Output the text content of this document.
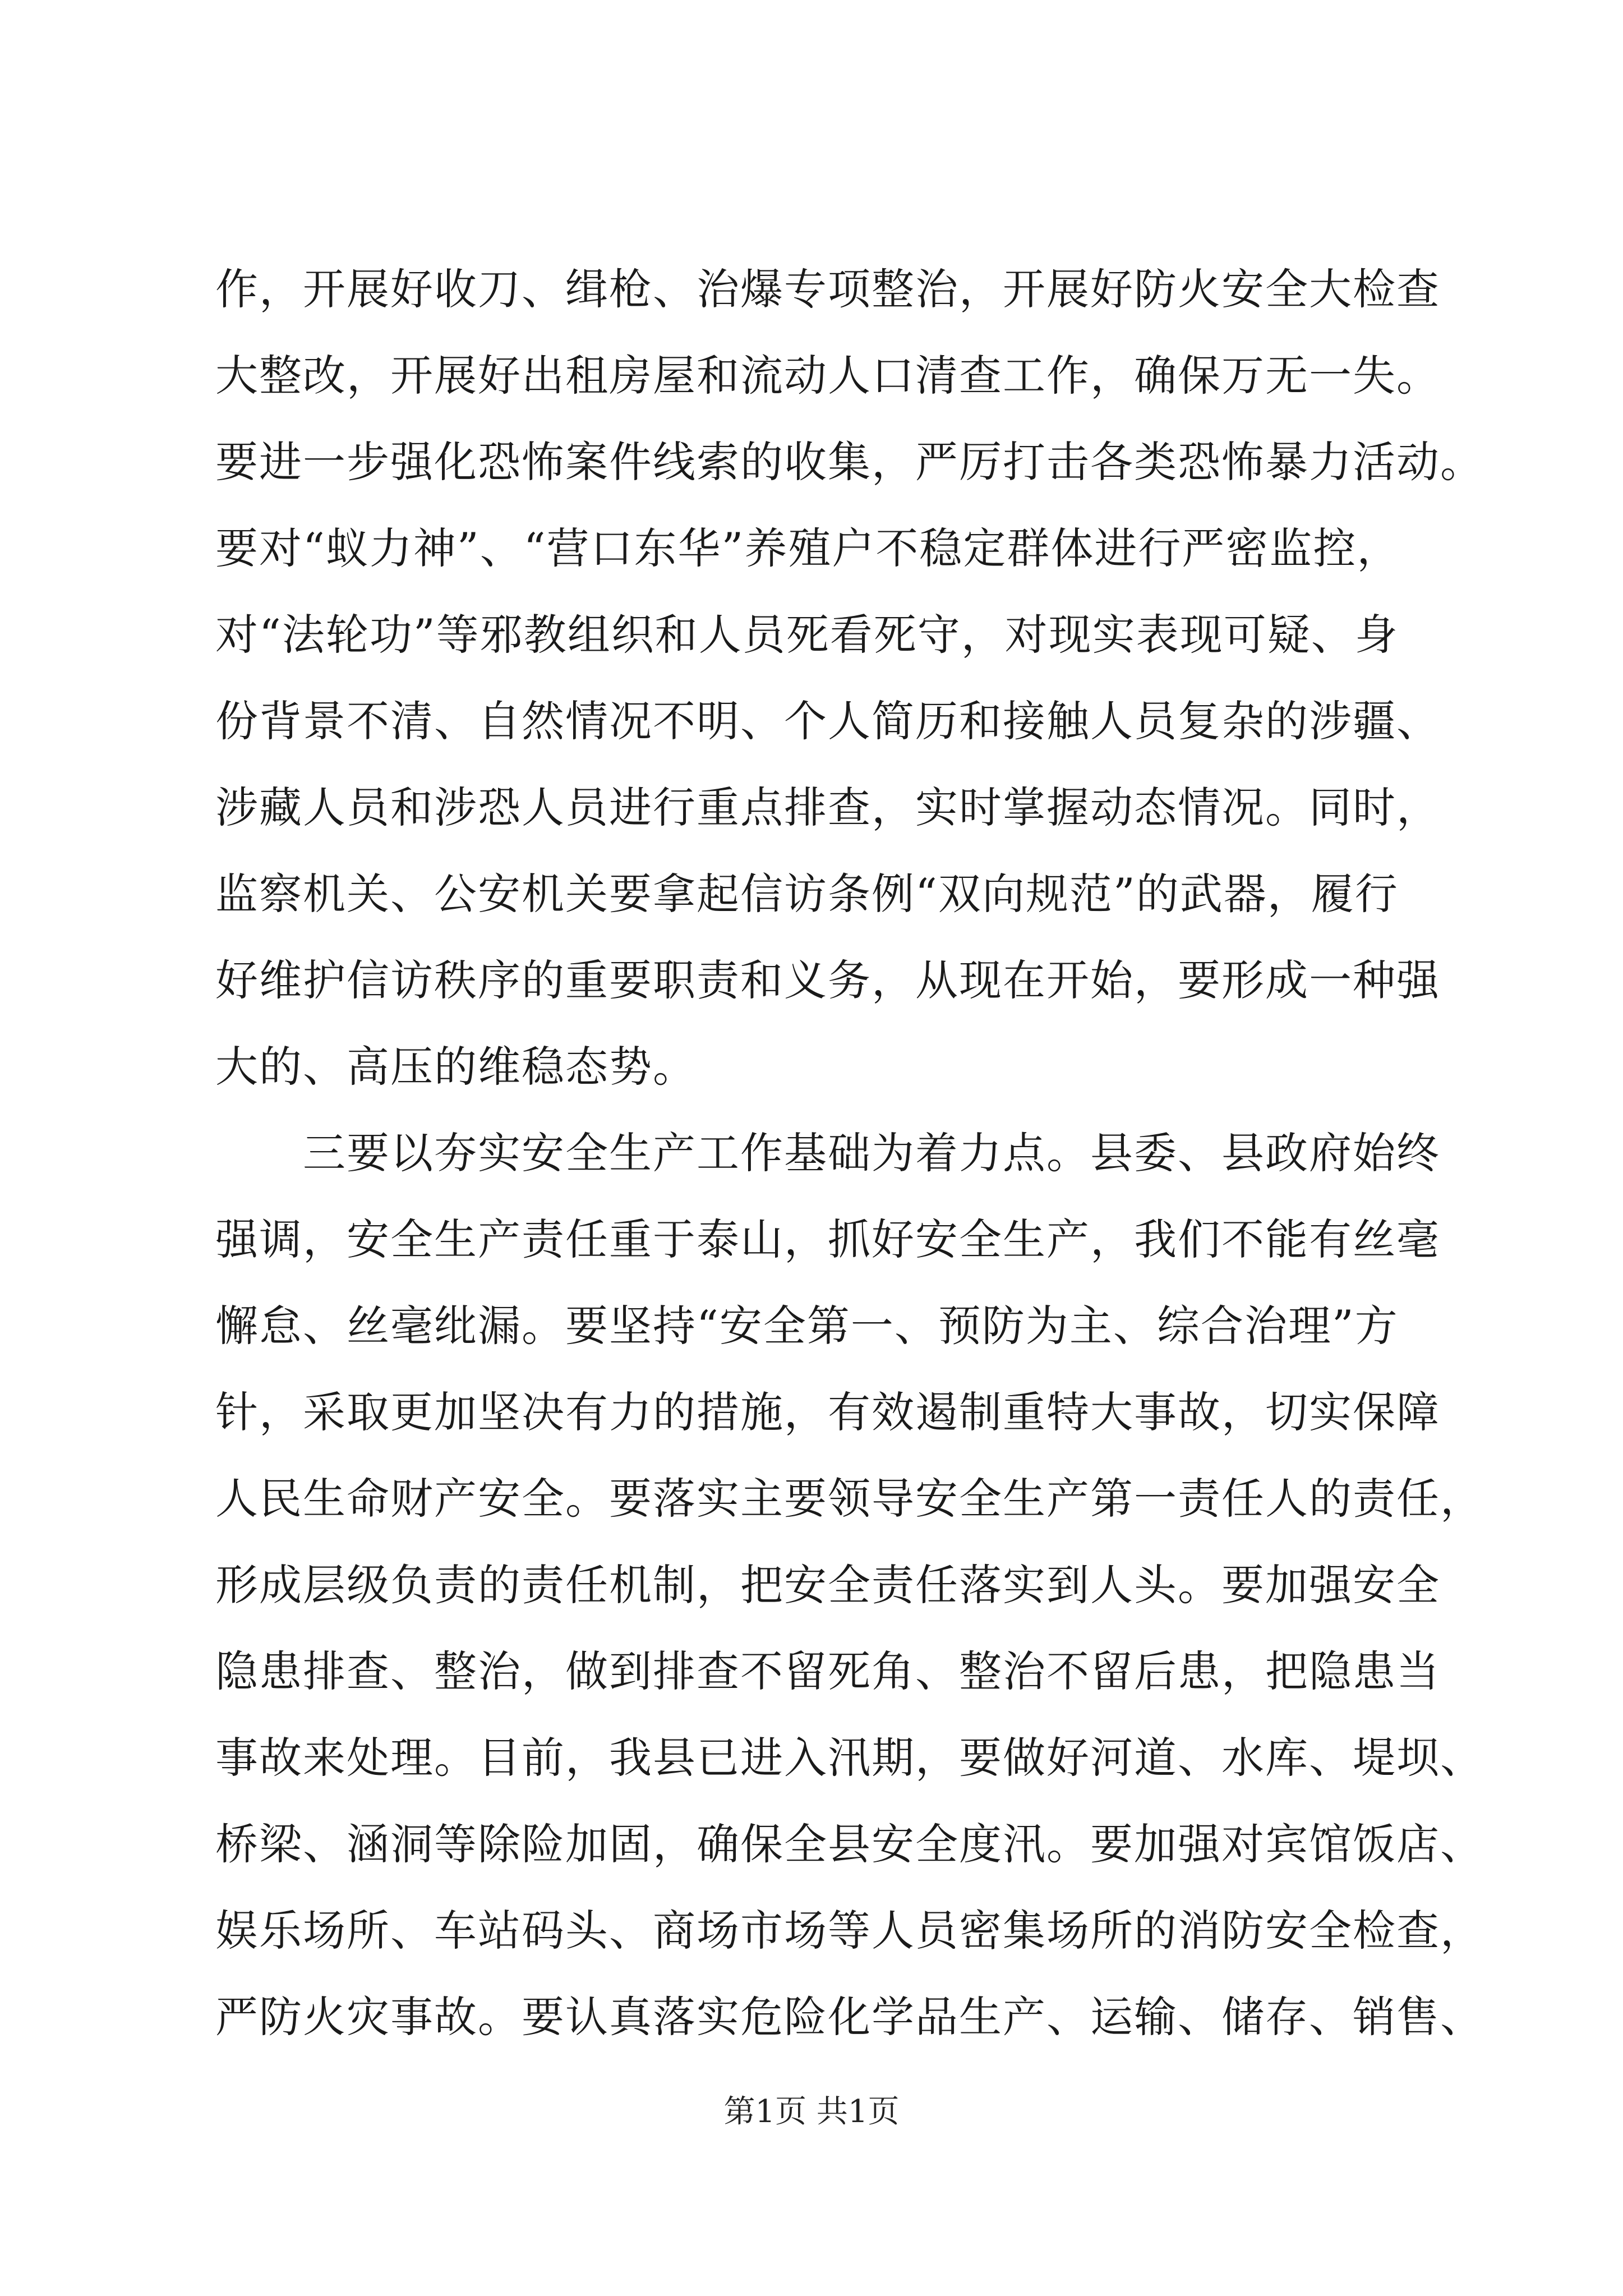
作，开展好收刀、缉枪、治爆专项整治，开展好防火安全大检查
大整改，开展好出租房屋和流动人口清查工作，确保万无一失。
要进一步强化恐怖案件线索的收集，严厉打击各类恐怖暴力活动。
要对“蚁力神”、“营口东华”养殖户不稳定群体进行严密监控，
对“法轮功”等邪教组织和人员死看死守，对现实表现可疑、身
份背景不清、自然情况不明、个人简历和接触人员复杂的涉疆、
涉藏人员和涉恐人员进行重点排查，实时掌握动态情况。同时，
监察机关、公安机关要拿起信访条例“双向规范”的武器，履行
好维护信访秩序的重要职责和义务，从现在开始，要形成一种强
大的、高压的维稳态势。
　　三要以夯实安全生产工作基础为着力点。县委、县政府始终
强调，安全生产责任重于泰山，抓好安全生产，我们不能有丝毫
懈怠、丝毫纰漏。要坚持“安全第一、预防为主、综合治理”方
针，采取更加坚决有力的措施，有效遏制重特大事故，切实保障
人民生命财产安全。要落实主要领导安全生产第一责任人的责任，
形成层级负责的责任机制，把安全责任落实到人头。要加强安全
隐患排查、整治，做到排查不留死角、整治不留后患，把隐患当
事故来处理。目前，我县已进入汛期，要做好河道、水库、堤坝、
桥梁、涵洞等除险加固，确保全县安全度汛。要加强对宾馆饭店、
娱乐场所、车站码头、商场市场等人员密集场所的消防安全检查，
严防火灾事故。要认真落实危险化学品生产、运输、储存、销售、
第1页 共1页
